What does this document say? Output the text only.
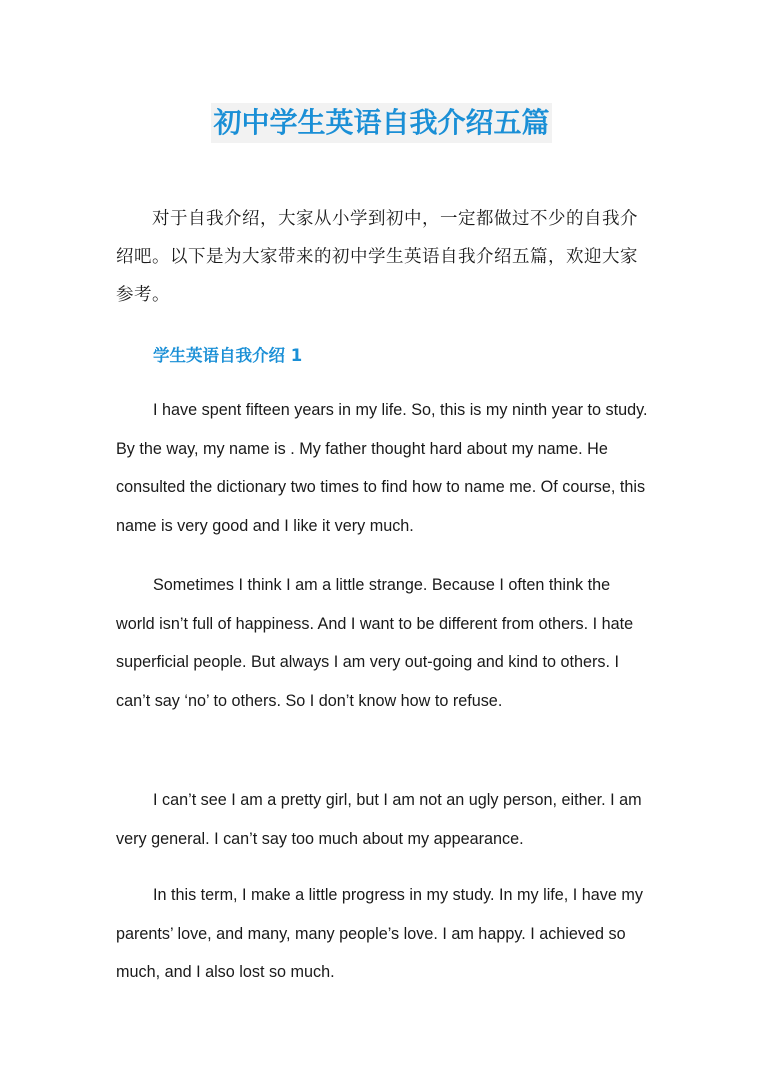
初中学生英语自我介绍五篇

对于自我介绍，大家从小学到初中，一定都做过不少的自我介绍吧。以下是为大家带来的初中学生英语自我介绍五篇，欢迎大家参考。

学生英语自我介绍 1

I have spent fifteen years in my life. So, this is my ninth year to study. By the way, my name is . My father thought hard about my name. He consulted the dictionary two times to find how to name me. Of course, this name is very good and I like it very much.

Sometimes I think I am a little strange. Because I often think the world isn’t full of happiness. And I want to be different from others. I hate superficial people. But always I am very out-going and kind to others. I can’t say ‘no’ to others. So I don’t know how to refuse.

I can’t see I am a pretty girl, but I am not an ugly person, either. I am very general. I can’t say too much about my appearance.

In this term, I make a little progress in my study. In my life, I have my parents’ love, and many, many people’s love. I am happy. I achieved so much, and I also lost so much.
